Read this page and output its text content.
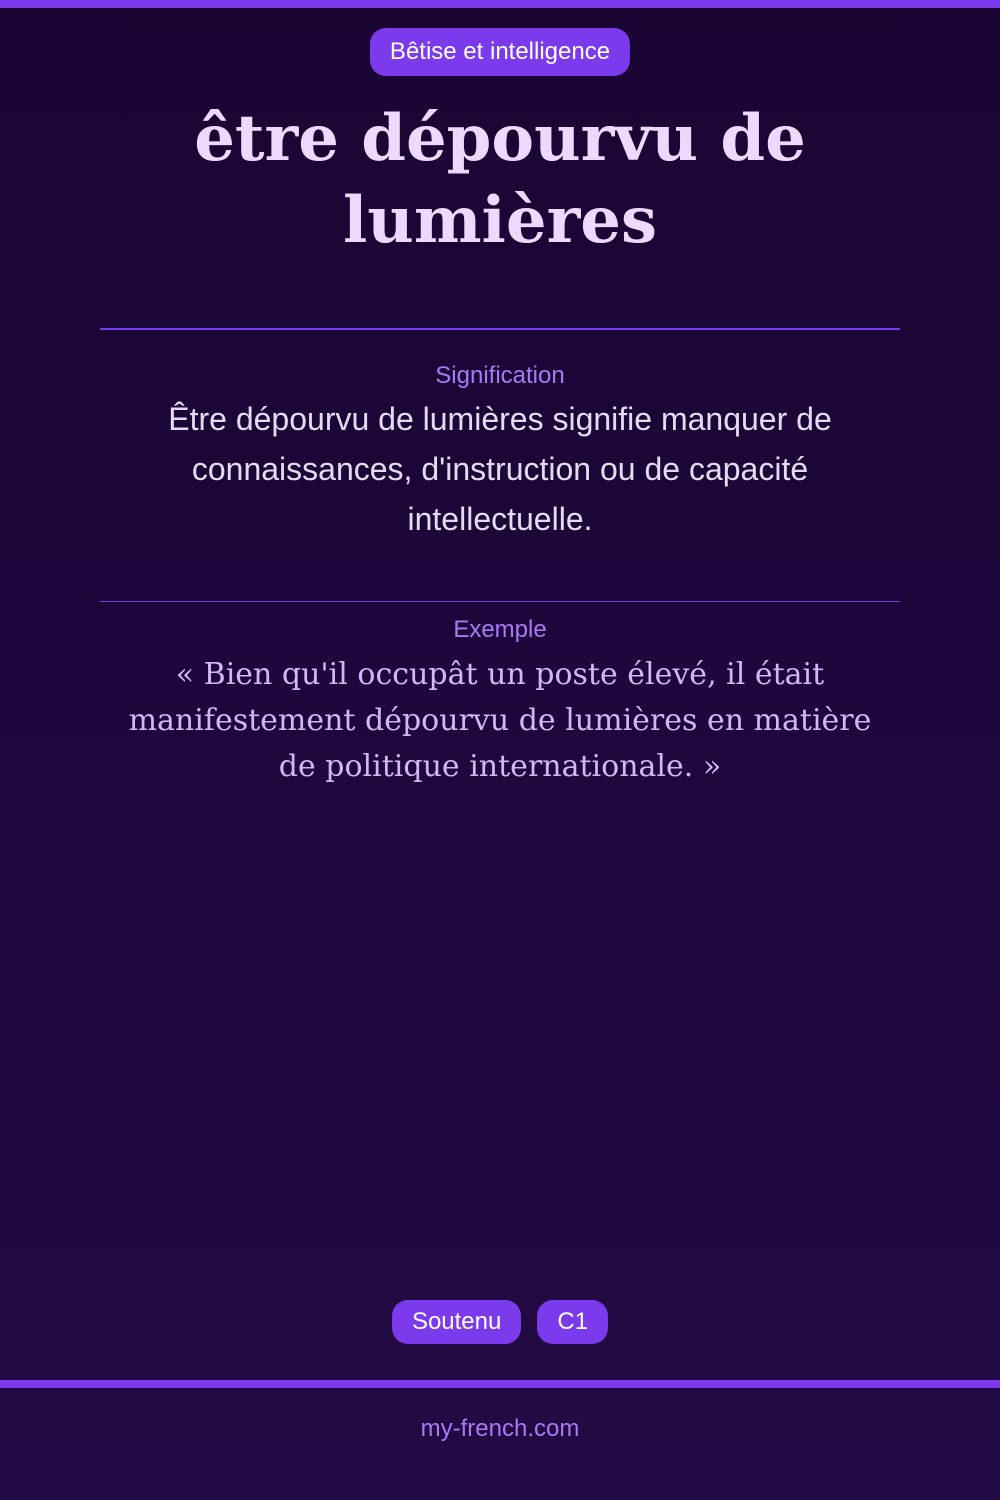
Bêtise et intelligence
être dépourvu de lumières
Signification
Être dépourvu de lumières signifie manquer de connaissances, d'instruction ou de capacité intellectuelle.
Exemple
« Bien qu'il occupât un poste élevé, il était manifestement dépourvu de lumières en matière de politique internationale. »
Soutenu	C1
my-french.com
